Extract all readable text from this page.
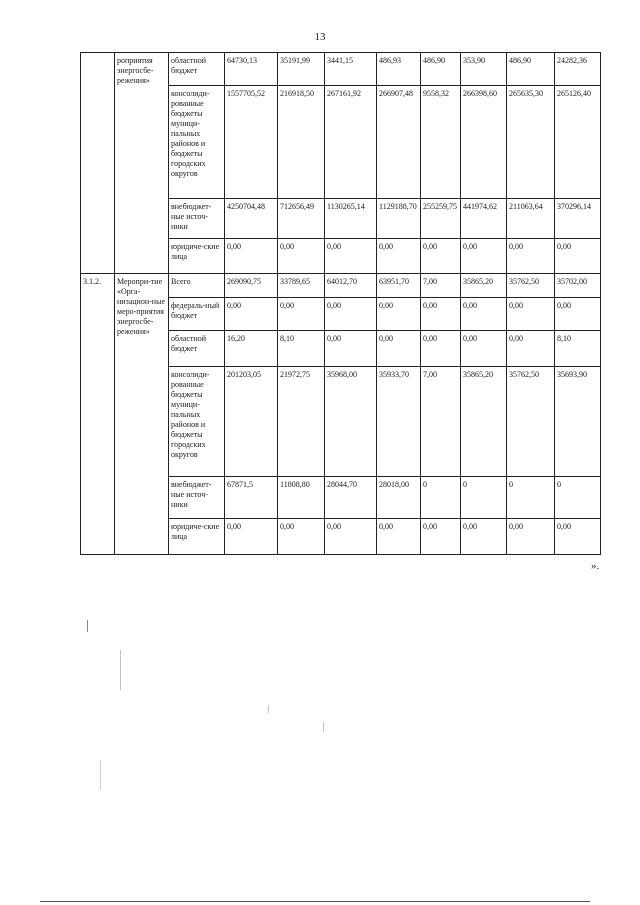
13
	роприятия энергосбе-режения»	областной бюджет	64730,13	35191,99	3441,15	486,93	486,90	353,90	486,90	24282,36
		консолиди-рованные бюджеты муници-пальных районов и бюджеты городских округов	1557705,52	216918,50	267161,92	266907,48	9558,32	266398,60	265635,30	265126,40
		внебюджет-ные источ-ники	4250704,48	712656,49	1130265,14	1129188,70	255259,75	441974,62	211063,64	370296,14
		юридиче-ские лица	0,00	0,00	0,00	0,00	0,00	0,00	0,00	0,00
3.1.2.	Меропри-тие «Орга-низацион-ные меро-приятия энергосбе-режения»	Всего	269090,75	33789,65	64012,70	63951,70	7,00	35865,20	35762,50	35702,00
		федераль-ный бюджет	0,00	0,00	0,00	0,00	0,00	0,00	0,00	0,00
		областной бюджет	16,20	8,10	0,00	0,00	0,00	0,00	0,00	8,10
		консолиди-рованные бюджеты муници-пальных районов и бюджеты городских округов	201203,05	21972,75	35968,00	35933,70	7,00	35865,20	35762,50	35693,90
		внебюджет-ные источ-ники	67871,5	11808,80	28044,70	28018,00	0	0	0	0
		юридиче-ские лица	0,00	0,00	0,00	0,00	0,00	0,00	0,00	0,00
».
